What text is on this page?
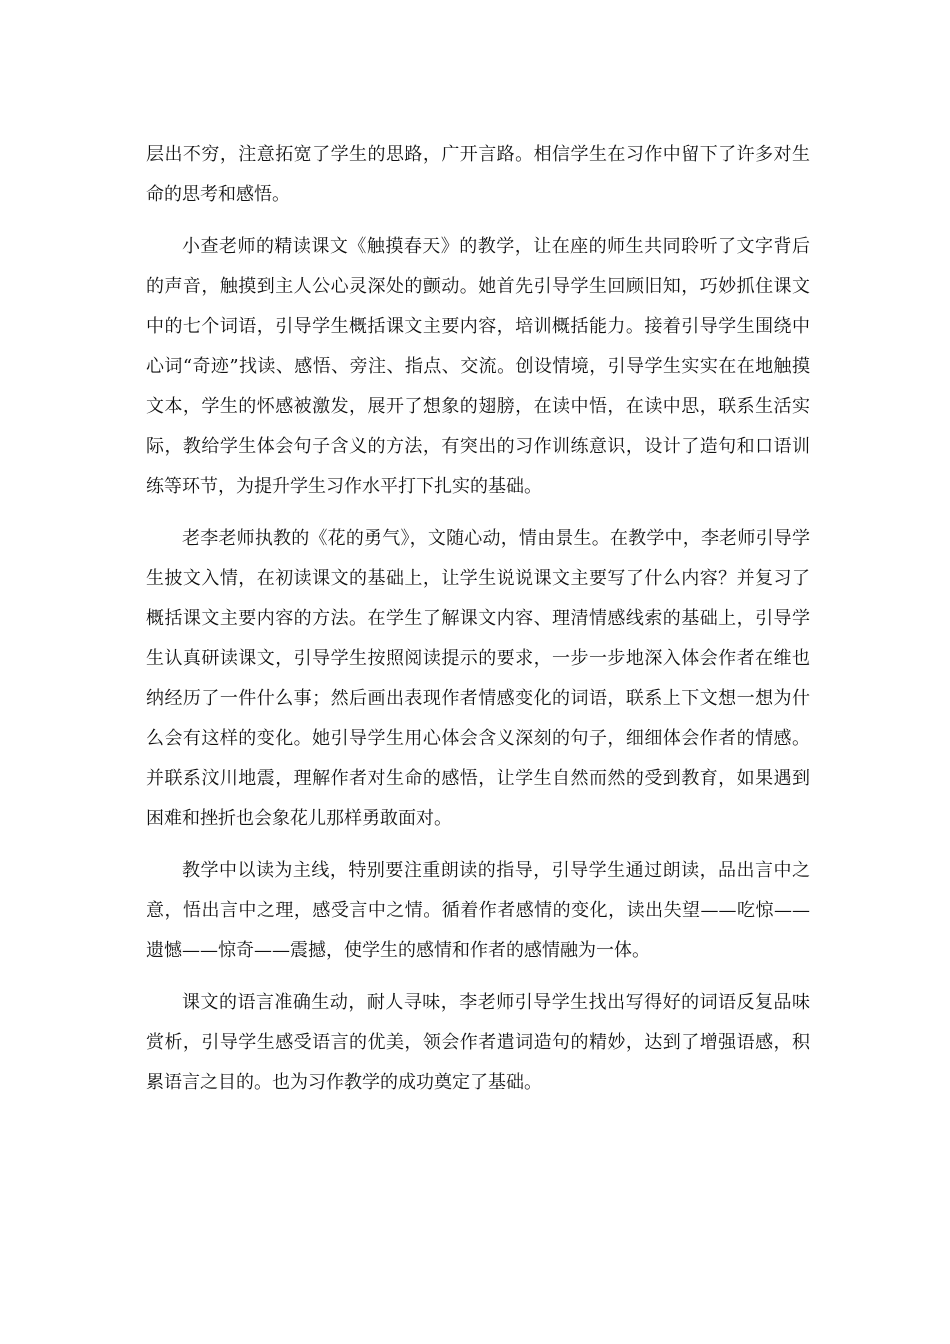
层出不穷，注意拓宽了学生的思路，广开言路。相信学生在习作中留下了许多对生命的思考和感悟。

小查老师的精读课文《触摸春天》的教学，让在座的师生共同聆听了文字背后的声音，触摸到主人公心灵深处的颤动。她首先引导学生回顾旧知，巧妙抓住课文中的七个词语，引导学生概括课文主要内容，培训概括能力。接着引导学生围绕中心词“奇迹”找读、感悟、旁注、指点、交流。创设情境，引导学生实实在在地触摸文本，学生的怀感被激发，展开了想象的翅膀，在读中悟，在读中思，联系生活实际，教给学生体会句子含义的方法，有突出的习作训练意识，设计了造句和口语训练等环节，为提升学生习作水平打下扎实的基础。

老李老师执教的《花的勇气》，文随心动，情由景生。在教学中，李老师引导学生披文入情，在初读课文的基础上，让学生说说课文主要写了什么内容？并复习了概括课文主要内容的方法。在学生了解课文内容、理清情感线索的基础上，引导学生认真研读课文，引导学生按照阅读提示的要求，一步一步地深入体会作者在维也纳经历了一件什么事；然后画出表现作者情感变化的词语，联系上下文想一想为什么会有这样的变化。她引导学生用心体会含义深刻的句子，细细体会作者的情感。并联系汶川地震，理解作者对生命的感悟，让学生自然而然的受到教育，如果遇到困难和挫折也会象花儿那样勇敢面对。

教学中以读为主线，特别要注重朗读的指导，引导学生通过朗读，品出言中之意，悟出言中之理，感受言中之情。循着作者感情的变化，读出失望——吃惊——遗憾——惊奇——震撼，使学生的感情和作者的感情融为一体。

课文的语言准确生动，耐人寻味，李老师引导学生找出写得好的词语反复品味赏析，引导学生感受语言的优美，领会作者遣词造句的精妙，达到了增强语感，积累语言之目的。也为习作教学的成功奠定了基础。
